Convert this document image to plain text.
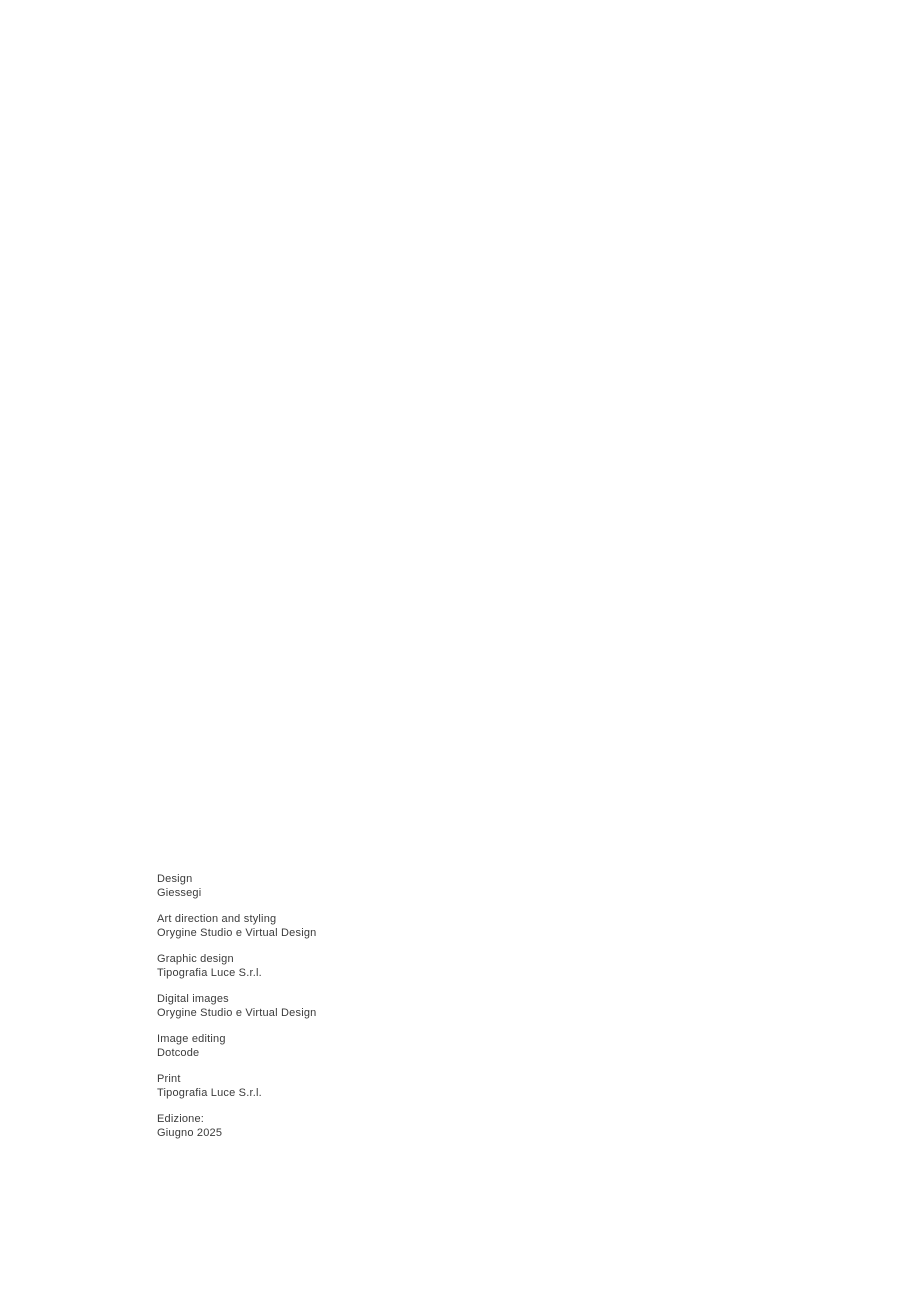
Design
Giessegi
Art direction and styling
Orygine Studio e Virtual Design
Graphic design
Tipografia Luce S.r.l.
Digital images
Orygine Studio e Virtual Design
Image editing
Dotcode
Print
Tipografia Luce S.r.l.
Edizione:
Giugno 2025
